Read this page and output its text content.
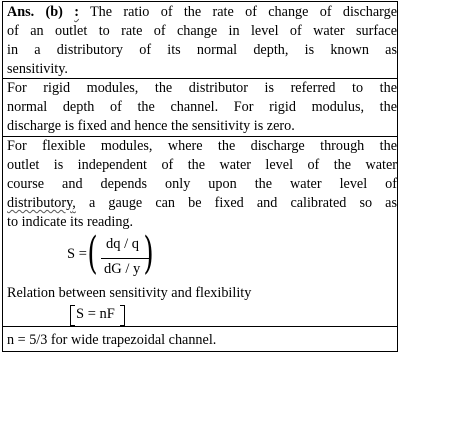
Ans. (b) : The ratio of the rate of change of discharge
of an outlet to rate of change in level of water surface
in a distributory of its normal depth, is known as
sensitivity.
For rigid modules, the distributor is referred to the
normal depth of the channel. For rigid modulus, the
discharge is fixed and hence the sensitivity is zero.
For flexible modules, where the discharge through the
outlet is independent of the water level of the water
course and depends only upon the water level of
distributory, a gauge can be fixed and calibrated so as
to indicate its reading.
S = ( dq / q
dG / y )
Relation between sensitivity and flexibility
S = nF
n = 5/3 for wide trapezoidal channel.
